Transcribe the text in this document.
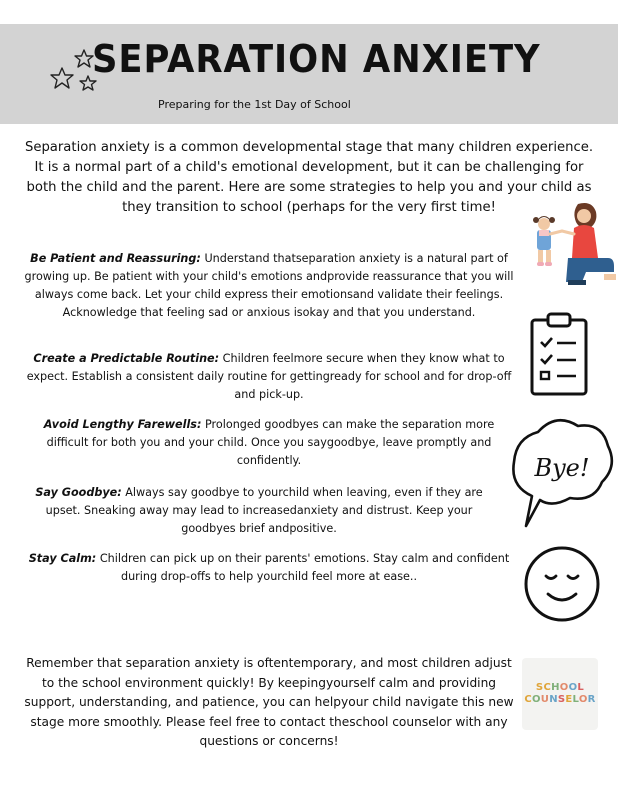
SEPARATION ANXIETY
Preparing for the 1st Day of School

Separation anxiety is a common developmental stage that many children experience. It is a normal part of a child's emotional development, but it can be challenging for both the child and the parent. Here are some strategies to help you and your child as they transition to school (perhaps for the very first time!

Be Patient and Reassuring: Understand thatseparation anxiety is a natural part of growing up. Be patient with your child's emotions andprovide reassurance that you will always come back. Let your child express their emotionsand validate their feelings. Acknowledge that feeling sad or anxious isokay and that you understand.

Create a Predictable Routine: Children feelmore secure when they know what to expect. Establish a consistent daily routine for gettingready for school and for drop-off and pick-up.

Avoid Lengthy Farewells: Prolonged goodbyes can make the separation more difficult for both you and your child. Once you saygoodbye, leave promptly and confidently.

Say Goodbye: Always say goodbye to yourchild when leaving, even if they are upset. Sneaking away may lead to increasedanxiety and distrust. Keep your goodbyes brief andpositive.

Stay Calm: Children can pick up on their parents' emotions. Stay calm and confident during drop-offs to help yourchild feel more at ease..

Remember that separation anxiety is oftentemporary, and most children adjust to the school environment quickly! By keepingyourself calm and providing support, understanding, and patience, you can helpyour child navigate this new stage more smoothly. Please feel free to contact theschool counselor with any questions or concerns!

Bye!
SCHOOL
COUNSELOR
